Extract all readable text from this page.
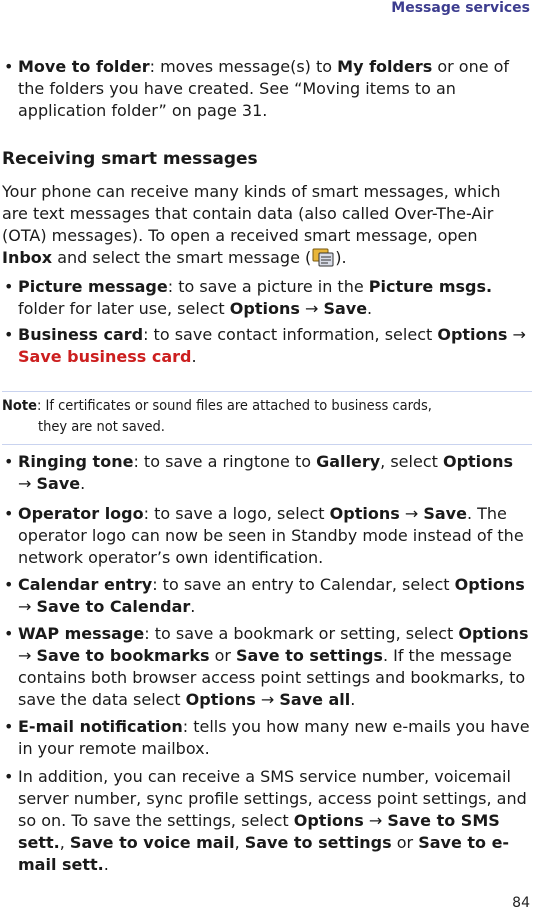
Message services
• Move to folder: moves message(s) to My folders or one of the folders you have created. See “Moving items to an application folder” on page 31.
Receiving smart messages
Your phone can receive many kinds of smart messages, which are text messages that contain data (also called Over-The-Air (OTA) messages). To open a received smart message, open Inbox and select the smart message ( ).
• Picture message: to save a picture in the Picture msgs. folder for later use, select Options → Save.
• Business card: to save contact information, select Options → Save business card.
Note: If certificates or sound files are attached to business cards,
they are not saved.
• Ringing tone: to save a ringtone to Gallery, select Options → Save.
• Operator logo: to save a logo, select Options → Save. The operator logo can now be seen in Standby mode instead of the network operator’s own identification.
• Calendar entry: to save an entry to Calendar, select Options → Save to Calendar.
• WAP message: to save a bookmark or setting, select Options → Save to bookmarks or Save to settings. If the message contains both browser access point settings and bookmarks, to save the data select Options → Save all.
• E-mail notification: tells you how many new e-mails you have in your remote mailbox.
• In addition, you can receive a SMS service number, voicemail server number, sync profile settings, access point settings, and so on. To save the settings, select Options → Save to SMS sett., Save to voice mail, Save to settings or Save to e-mail sett..
84
